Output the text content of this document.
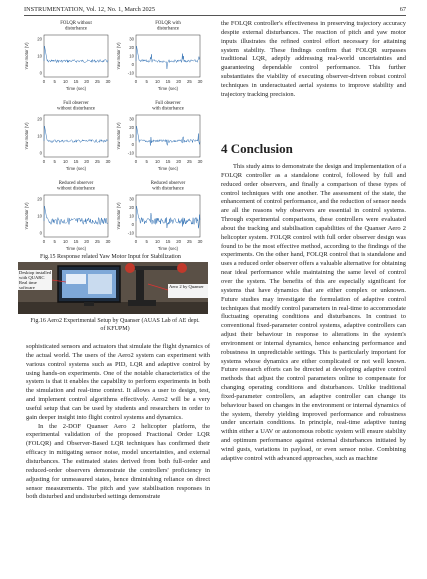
INSTRUMENTATION, Vol. 12, No. 1, March 2025	67
FOLQR without disturbance
20
10
0
0 5 10 15 20 25 30
Time (sec)
Yaw motor (V)
FOLQR with disturbance
30
20
10
0
-10
0 5 10 15 20 25 30
Time (sec)
Yaw motor (V)
Full observer without disturbance
20
10
0
0 5 10 15 20 25 30
Time (sec)
Yaw motor (V)
Full observer with disturbance
30
20
10
0
-10
0 5 10 15 20 25 30
Time (sec)
Yaw motor (V)
Reduced observer without disturbance
20
10
0
0 5 10 15 20 25 30
Time (sec)
Yaw motor (V)
Reduced observer with disturbance
30
20
10
0
-10
0 5 10 15 20 25 30
Time (sec)
Yaw motor (V)
Fig.15 Response related Yaw Motor Input for Stabilization
Desktop installed with QUARC Real time software	Aero 2 by Quanser
Fig.16 Aero2 Experimental Setup by Quanser (AUAS Lab of AE dept. of KFUPM)

sophisticated sensors and actuators that simulate the flight dynamics of the actual world. The users of the Aero2 system can experiment with various control systems such as PID, LQR and adaptive control by using hands-on experiments. One of the notable characteristics of the system is that it enables the capability to perform experiments in both the simulation and real-time context. It allows a user to design, test, and implement control algorithms effectively. Aero2 will be a very useful setup that can be used by students and researchers in order to gain deeper insight into flight control systems and dynamics.

In the 2-DOF Quanser Aero 2 helicopter platform, the experimental validation of the proposed Fractional Order LQR (FOLQR) and Observer-Based LQR techniques has confirmed their efficacy in mitigating sensor noise, model uncertainties, and external disturbances. The estimated states derived from both full-order and reduced-order observers demonstrate the controllers' proficiency in adjusting for unmeasured states, hence diminishing reliance on direct sensor measurements. The pitch and yaw stabilisation responses in both disturbed and undisturbed settings demonstrate

the FOLQR controller's effectiveness in preserving trajectory accuracy despite external disturbances. The reaction of pitch and yaw motor inputs illustrates the refined control effort necessary for attaining system stability. These findings confirm that FOLQR surpasses traditional LQR, adeptly addressing real-world uncertainties and guaranteeing dependable control performance. This further substantiates the viability of executing observer-driven robust control techniques in underactuated aerial systems to improve stability and trajectory tracking precision.

4 Conclusion

This study aims to demonstrate the design and implementation of a FOLQR controller as a standalone control, followed by full and reduced order observers, and finally a comparison of these types of control techniques with one another. The assessment of the state, the enhancement of control performance, and the reduction of sensor needs are all the reasons why observers are essential in control systems. Through experimental comparisons, these controllers were evaluated about the tracking and stabilisation capabilities of the Quanser Aero 2 helicopter system. FOLQR control with full order observer design was found to be the most effective method, according to the findings of the experiments. On the other hand, FOLQR control that is standalone and uses a reduced order observer offers a valuable alternative for obtaining near ideal performance while maintaining the same level of control over the system. The benefits of this are especially significant for systems that have dynamics that are either complex or unknown. Future studies may investigate the formulation of adaptive control techniques that modify control parameters in real-time to accommodate fluctuating operating conditions and disturbances. In contrast to conventional fixed-parameter control systems, adaptive controllers can adjust their behaviour in response to alterations in the system's environment or internal dynamics, hence enhancing performance and robustness in unpredictable settings. This is particularly important for systems whose dynamics are either complicated or not well known. Future research efforts can be directed at developing adaptive control methods that adjust the control parameters online to compensate for changing operating conditions and disturbances. Unlike traditional fixed-parameter controllers, an adaptive controller can change its behaviour based on changes in the environment or internal dynamics of the system, thereby yielding improved performance and robustness under uncertain conditions. In principle, real-time adaptive tuning within either a UAV or autonomous robotic system will ensure stability and optimum performance against external disturbances initiated by wind gusts, variations in payload, or even sensor noise. Combining adaptive control with advanced approaches, such as machine
